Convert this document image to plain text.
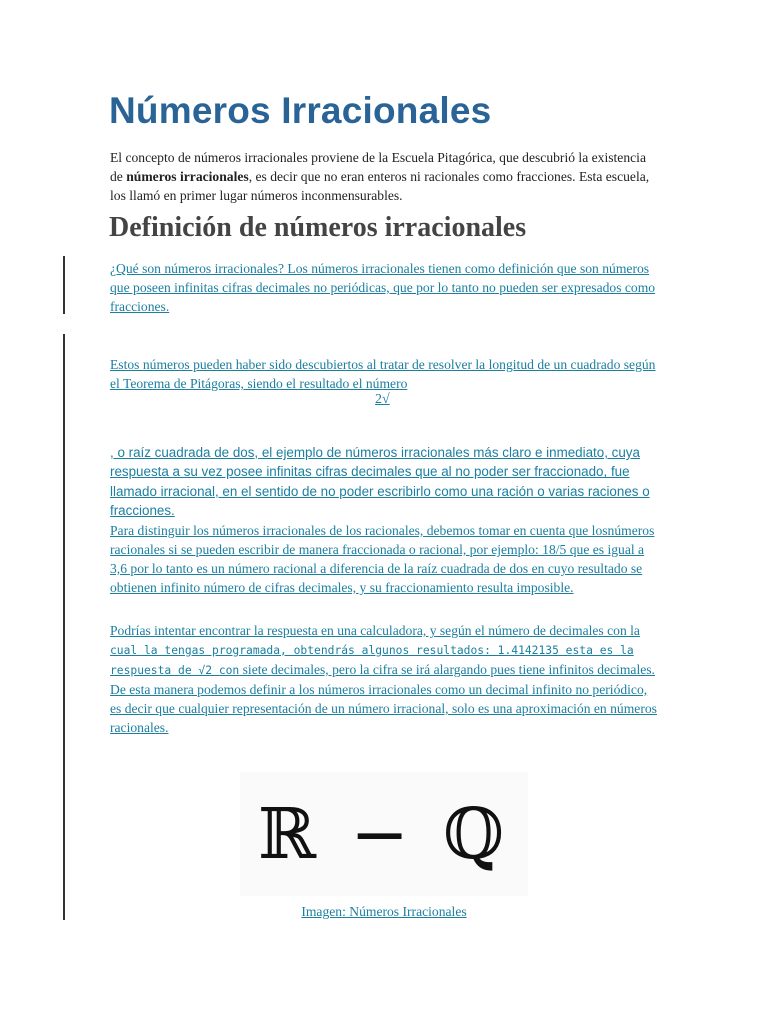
Números Irracionales

El concepto de números irracionales proviene de la Escuela Pitagórica, que descubrió la existencia de números irracionales, es decir que no eran enteros ni racionales como fracciones. Esta escuela, los llamó en primer lugar números inconmensurables.

Definición de números irracionales

¿Qué son números irracionales? Los números irracionales tienen como definición que son números que poseen infinitas cifras decimales no periódicas, que por lo tanto no pueden ser expresados como fracciones.

Estos números pueden haber sido descubiertos al tratar de resolver la longitud de un cuadrado según el Teorema de Pitágoras, siendo el resultado el número

2√

, o raíz cuadrada de dos, el ejemplo de números irracionales más claro e inmediato, cuya respuesta a su vez posee infinitas cifras decimales que al no poder ser fraccionado, fue llamado irracional, en el sentido de no poder escribirlo como una ración o varias raciones o fracciones.

Para distinguir los números irracionales de los racionales, debemos tomar en cuenta que losnúmeros racionales si se pueden escribir de manera fraccionada o racional, por ejemplo: 18/5 que es igual a 3,6 por lo tanto es un número racional a diferencia de la raíz cuadrada de dos en cuyo resultado se obtienen infinito número de cifras decimales, y su fraccionamiento resulta imposible.

Podrías intentar encontrar la respuesta en una calculadora, y según el número de decimales con la cual la tengas programada, obtendrás algunos resultados: 1.4142135 esta es la respuesta de √2 con siete decimales, pero la cifra se irá alargando pues tiene infinitos decimales. De esta manera podemos definir a los números irracionales como un decimal infinito no periódico, es decir que cualquier representación de un número irracional, solo es una aproximación en números racionales.

ℝ − ℚ
Imagen: Números Irracionales
